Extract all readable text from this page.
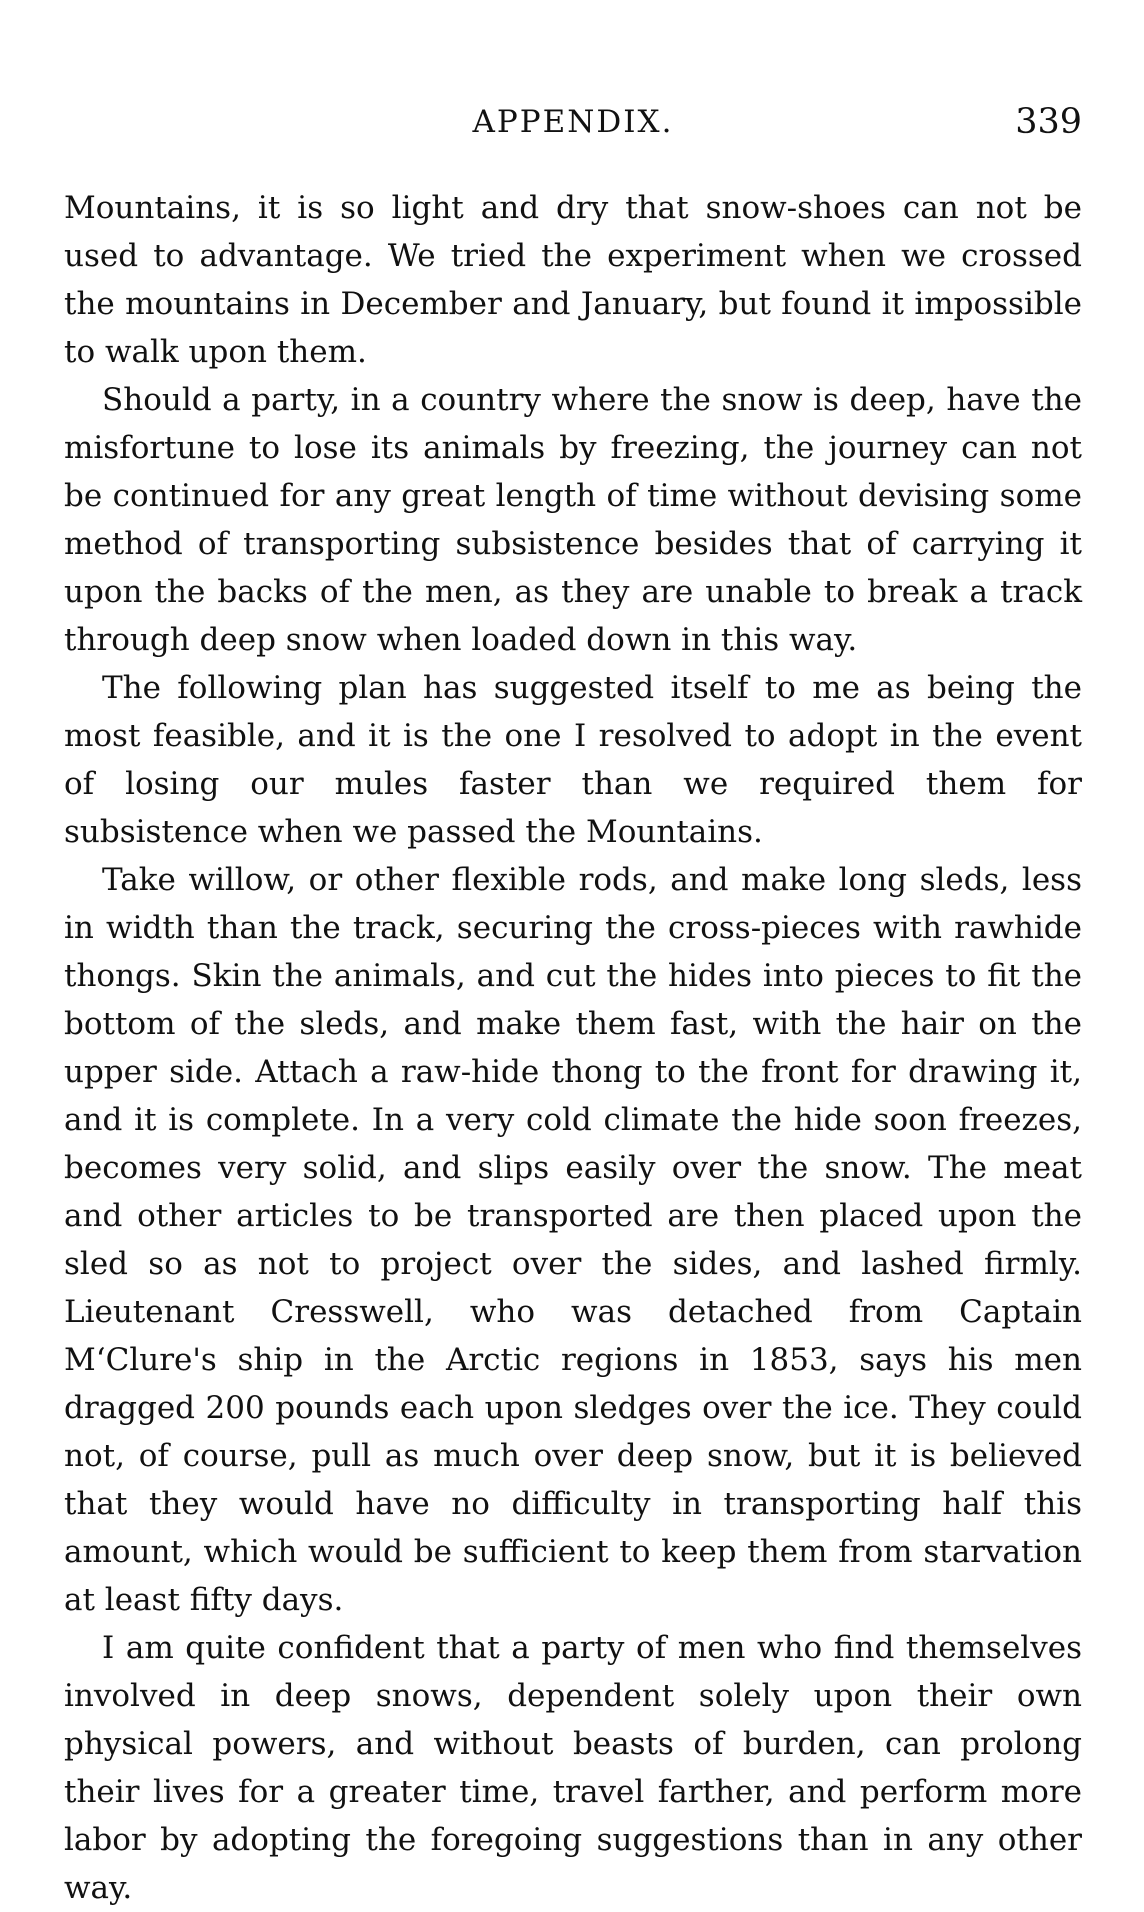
APPENDIX.	339

Mountains, it is so light and dry that snow-shoes can not be used to advantage. We tried the experiment when we crossed the mountains in December and January, but found it impossible to walk upon them.

Should a party, in a country where the snow is deep, have the misfortune to lose its animals by freezing, the journey can not be continued for any great length of time without devising some method of transporting subsistence besides that of carrying it upon the backs of the men, as they are unable to break a track through deep snow when loaded down in this way.

The following plan has suggested itself to me as being the most feasible, and it is the one I resolved to adopt in the event of losing our mules faster than we required them for subsistence when we passed the Mountains.

Take willow, or other flexible rods, and make long sleds, less in width than the track, securing the cross-pieces with rawhide thongs. Skin the animals, and cut the hides into pieces to fit the bottom of the sleds, and make them fast, with the hair on the upper side. Attach a raw-hide thong to the front for drawing it, and it is complete. In a very cold climate the hide soon freezes, becomes very solid, and slips easily over the snow. The meat and other articles to be transported are then placed upon the sled so as not to project over the sides, and lashed firmly. Lieutenant Cresswell, who was detached from Captain M‘Clure's ship in the Arctic regions in 1853, says his men dragged 200 pounds each upon sledges over the ice. They could not, of course, pull as much over deep snow, but it is believed that they would have no difficulty in transporting half this amount, which would be sufficient to keep them from starvation at least fifty days.

I am quite confident that a party of men who find themselves involved in deep snows, dependent solely upon their own physical powers, and without beasts of burden, can prolong their lives for a greater time, travel farther, and perform more labor by adopting the foregoing suggestions than in any other way.
